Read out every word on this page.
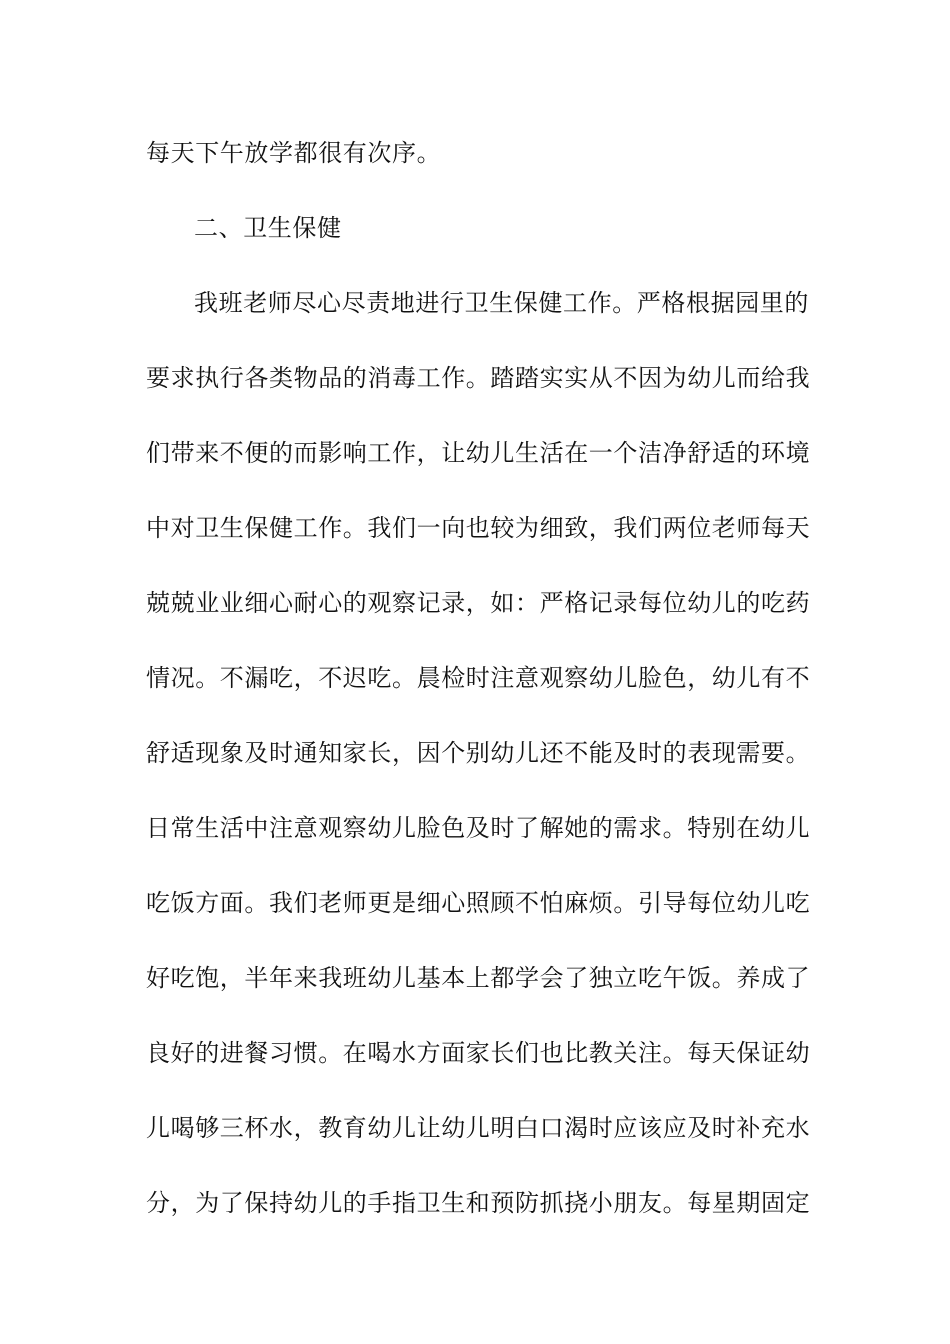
每天下午放学都很有次序。
二、卫生保健
我班老师尽心尽责地进行卫生保健工作。严格根据园里的
要求执行各类物品的消毒工作。踏踏实实从不因为幼儿而给我
们带来不便的而影响工作，让幼儿生活在一个洁净舒适的环境
中对卫生保健工作。我们一向也较为细致，我们两位老师每天
兢兢业业细心耐心的观察记录，如：严格记录每位幼儿的吃药
情况。不漏吃，不迟吃。晨检时注意观察幼儿脸色，幼儿有不
舒适现象及时通知家长，因个别幼儿还不能及时的表现需要。
日常生活中注意观察幼儿脸色及时了解她的需求。特别在幼儿
吃饭方面。我们老师更是细心照顾不怕麻烦。引导每位幼儿吃
好吃饱，半年来我班幼儿基本上都学会了独立吃午饭。养成了
良好的进餐习惯。在喝水方面家长们也比教关注。每天保证幼
儿喝够三杯水，教育幼儿让幼儿明白口渴时应该应及时补充水
分，为了保持幼儿的手指卫生和预防抓挠小朋友。每星期固定
